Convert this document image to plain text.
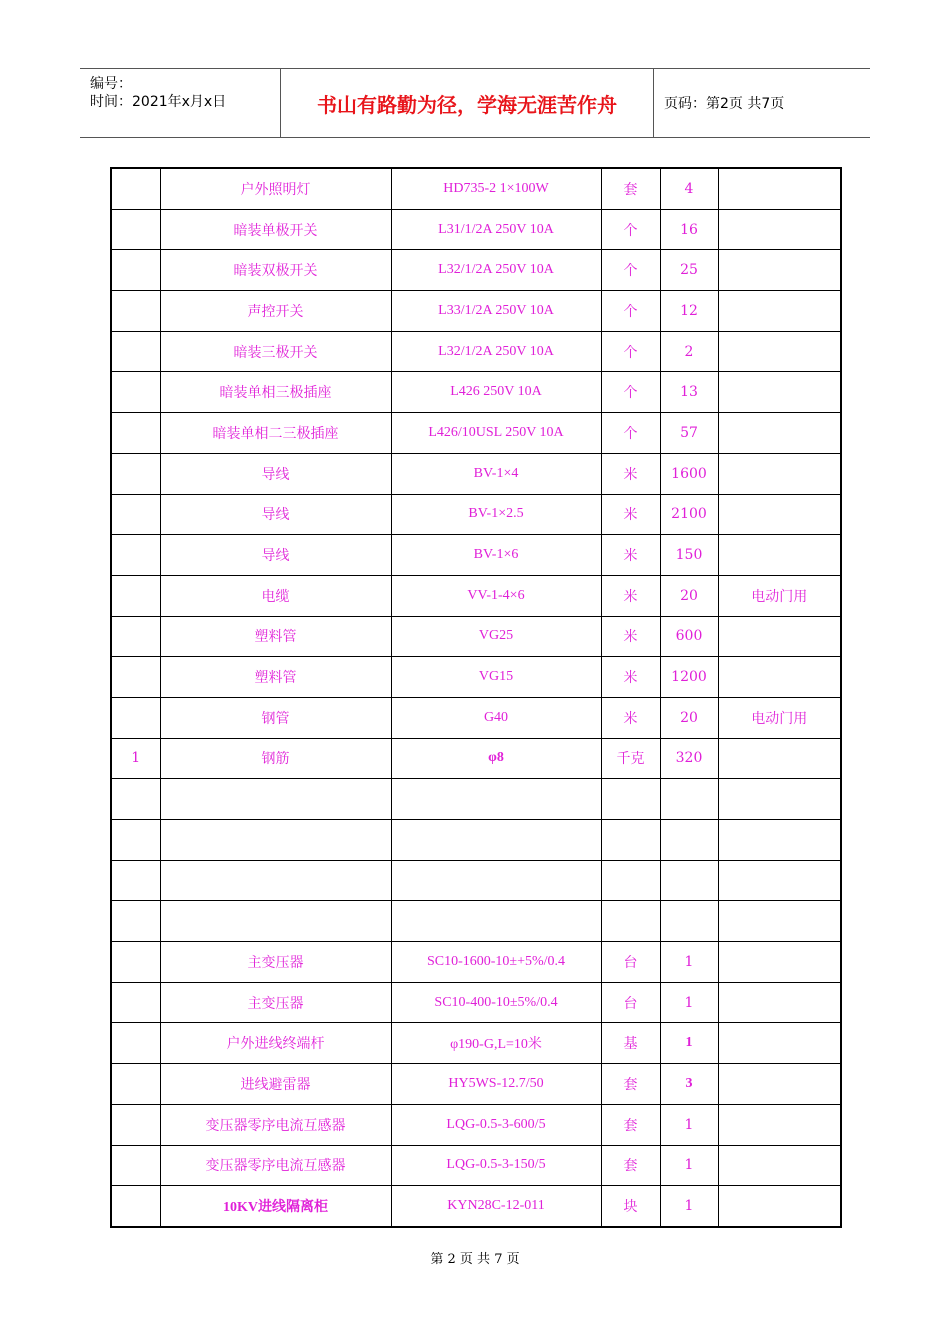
编号：
时间：2021年x月x日	书山有路勤为径，学海无涯苦作舟	页码：第2页 共7页
	户外照明灯	HD735-2 1×100W	套	4	
	暗装单极开关	L31/1/2A 250V 10A	个	16	
	暗装双极开关	L32/1/2A 250V 10A	个	25	
	声控开关	L33/1/2A 250V 10A	个	12	
	暗装三极开关	L32/1/2A 250V 10A	个	2	
	暗装单相三极插座	L426 250V 10A	个	13	
	暗装单相二三极插座	L426/10USL 250V 10A	个	57	
	导线	BV-1×4	米	1600	
	导线	BV-1×2.5	米	2100	
	导线	BV-1×6	米	150	
	电缆	VV-1-4×6	米	20	电动门用
	塑料管	VG25	米	600	
	塑料管	VG15	米	1200	
	钢管	G40	米	20	电动门用
1	钢筋	φ8	千克	320	

	主变压器	SC10-1600-10±+5%/0.4	台	1	
	主变压器	SC10-400-10±5%/0.4	台	1	
	户外进线终端杆	φ190-G,L=10米	基	1	
	进线避雷器	HY5WS-12.7/50	套	3	
	变压器零序电流互感器	LQG-0.5-3-600/5	套	1	
	变压器零序电流互感器	LQG-0.5-3-150/5	套	1	
	10KV进线隔离柜	KYN28C-12-011	块	1	
第 2 页 共 7 页
